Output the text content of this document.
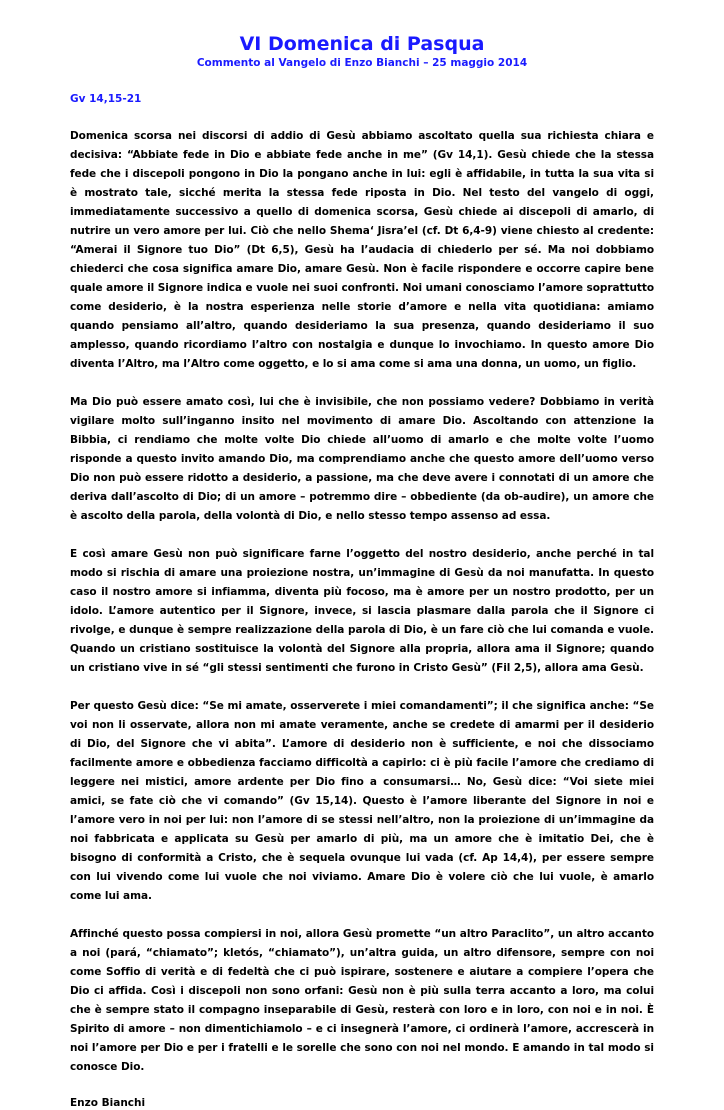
VI Domenica di Pasqua
Commento al Vangelo di Enzo Bianchi – 25 maggio 2014
Gv 14,15-21

Domenica scorsa nei discorsi di addio di Gesù abbiamo ascoltato quella sua richiesta chiara e decisiva: “Abbiate fede in Dio e abbiate fede anche in me” (Gv 14,1). Gesù chiede che la stessa fede che i discepoli pongono in Dio la pongano anche in lui: egli è affidabile, in tutta la sua vita si è mostrato tale, sicché merita la stessa fede riposta in Dio. Nel testo del vangelo di oggi, immediatamente successivo a quello di domenica scorsa, Gesù chiede ai discepoli di amarlo, di nutrire un vero amore per lui. Ciò che nello Shema‘ Jisra’el (cf. Dt 6,4-9) viene chiesto al credente: “Amerai il Signore tuo Dio” (Dt 6,5), Gesù ha l’audacia di chiederlo per sé. Ma noi dobbiamo chiederci che cosa significa amare Dio, amare Gesù. Non è facile rispondere e occorre capire bene quale amore il Signore indica e vuole nei suoi confronti. Noi umani conosciamo l’amore soprattutto come desiderio, è la nostra esperienza nelle storie d’amore e nella vita quotidiana: amiamo quando pensiamo all’altro, quando desideriamo la sua presenza, quando desideriamo il suo amplesso, quando ricordiamo l’altro con nostalgia e dunque lo invochiamo. In questo amore Dio diventa l’Altro, ma l’Altro come oggetto, e lo si ama come si ama una donna, un uomo, un figlio.

Ma Dio può essere amato così, lui che è invisibile, che non possiamo vedere? Dobbiamo in verità vigilare molto sull’inganno insito nel movimento di amare Dio. Ascoltando con attenzione la Bibbia, ci rendiamo che molte volte Dio chiede all’uomo di amarlo e che molte volte l’uomo risponde a questo invito amando Dio, ma comprendiamo anche che questo amore dell’uomo verso Dio non può essere ridotto a desiderio, a passione, ma che deve avere i connotati di un amore che deriva dall’ascolto di Dio; di un amore – potremmo dire – obbediente (da ob-audire), un amore che è ascolto della parola, della volontà di Dio, e nello stesso tempo assenso ad essa.

E così amare Gesù non può significare farne l’oggetto del nostro desiderio, anche perché in tal modo si rischia di amare una proiezione nostra, un’immagine di Gesù da noi manufatta. In questo caso il nostro amore si infiamma, diventa più focoso, ma è amore per un nostro prodotto, per un idolo. L’amore autentico per il Signore, invece, si lascia plasmare dalla parola che il Signore ci rivolge, e dunque è sempre realizzazione della parola di Dio, è un fare ciò che lui comanda e vuole. Quando un cristiano sostituisce la volontà del Signore alla propria, allora ama il Signore; quando un cristiano vive in sé “gli stessi sentimenti che furono in Cristo Gesù” (Fil 2,5), allora ama Gesù.

Per questo Gesù dice: “Se mi amate, osserverete i miei comandamenti”; il che significa anche: “Se voi non li osservate, allora non mi amate veramente, anche se credete di amarmi per il desiderio di Dio, del Signore che vi abita”. L’amore di desiderio non è sufficiente, e noi che dissociamo facilmente amore e obbedienza facciamo difficoltà a capirlo: ci è più facile l’amore che crediamo di leggere nei mistici, amore ardente per Dio fino a consumarsi… No, Gesù dice: “Voi siete miei amici, se fate ciò che vi comando” (Gv 15,14). Questo è l’amore liberante del Signore in noi e l’amore vero in noi per lui: non l’amore di se stessi nell’altro, non la proiezione di un’immagine da noi fabbricata e applicata su Gesù per amarlo di più, ma un amore che è imitatio Dei, che è bisogno di conformità a Cristo, che è sequela ovunque lui vada (cf. Ap 14,4), per essere sempre con lui vivendo come lui vuole che noi viviamo. Amare Dio è volere ciò che lui vuole, è amarlo come lui ama.

Affinché questo possa compiersi in noi, allora Gesù promette “un altro Paraclito”, un altro accanto a noi (pará, “chiamato”; kletós, “chiamato”), un’altra guida, un altro difensore, sempre con noi come Soffio di verità e di fedeltà che ci può ispirare, sostenere e aiutare a compiere l’opera che Dio ci affida. Così i discepoli non sono orfani: Gesù non è più sulla terra accanto a loro, ma colui che è sempre stato il compagno inseparabile di Gesù, resterà con loro e in loro, con noi e in noi. È Spirito di amore – non dimentichiamolo – e ci insegnerà l’amore, ci ordinerà l’amore, accrescerà in noi l’amore per Dio e per i fratelli e le sorelle che sono con noi nel mondo. E amando in tal modo si conosce Dio.

Enzo Bianchi
